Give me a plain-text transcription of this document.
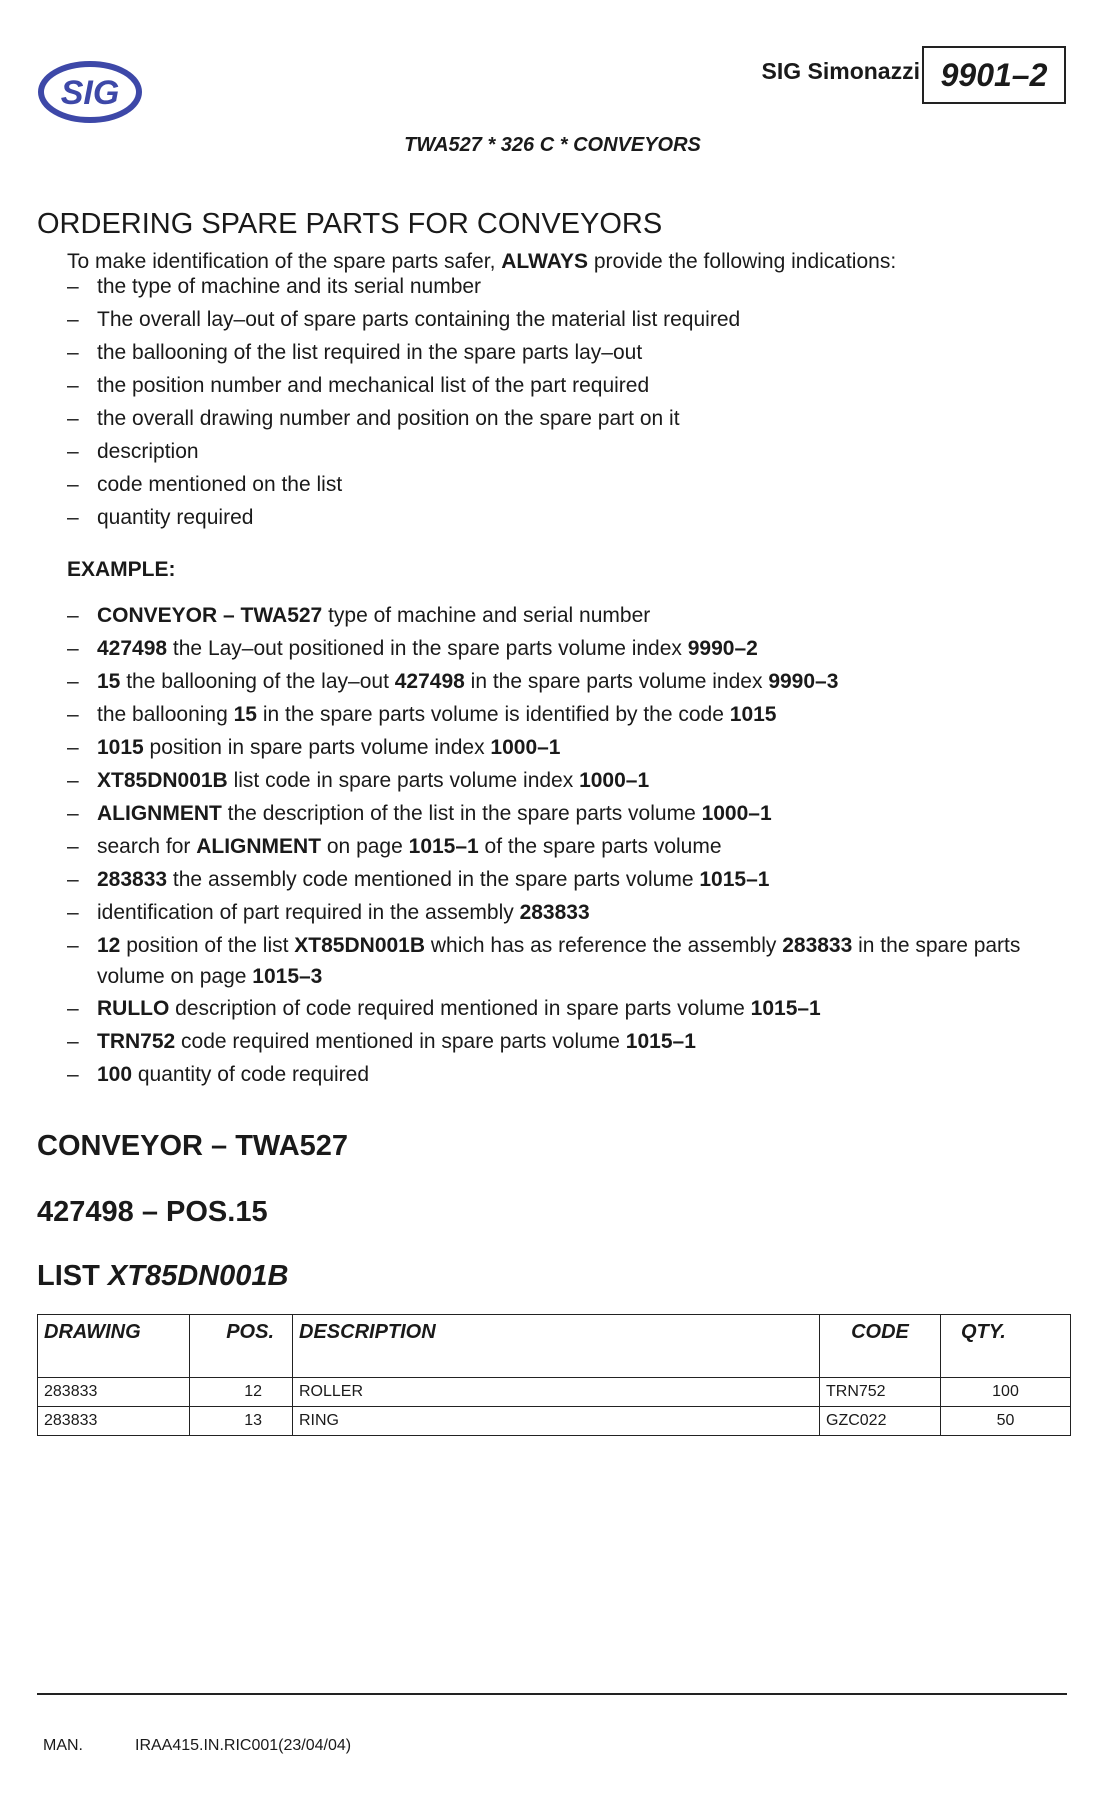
SIG
SIG Simonazzi 9901–2
TWA527 * 326 C * CONVEYORS
ORDERING SPARE PARTS FOR CONVEYORS
To make identification of the spare parts safer, ALWAYS provide the following indications:
– the type of machine and its serial number
– The overall lay–out of spare parts containing the material list required
– the ballooning of the list required in the spare parts lay–out
– the position number and mechanical list of the part required
– the overall drawing number and position on the spare part on it
– description
– code mentioned on the list
– quantity required
EXAMPLE:
– CONVEYOR – TWA527 type of machine and serial number
– 427498 the Lay–out positioned in the spare parts volume index 9990–2
– 15 the ballooning of the lay–out 427498 in the spare parts volume index 9990–3
– the ballooning 15 in the spare parts volume is identified by the code 1015
– 1015 position in spare parts volume index 1000–1
– XT85DN001B list code in spare parts volume index 1000–1
– ALIGNMENT the description of the list in the spare parts volume 1000–1
– search for ALIGNMENT on page 1015–1 of the spare parts volume
– 283833 the assembly code mentioned in the spare parts volume 1015–1
– identification of part required in the assembly 283833
– 12 position of the list XT85DN001B which has as reference the assembly 283833 in the spare parts
volume on page 1015–3
– RULLO description of code required mentioned in spare parts volume 1015–1
– TRN752 code required mentioned in spare parts volume 1015–1
– 100 quantity of code required
CONVEYOR – TWA527
427498 – POS.15
LIST XT85DN001B
DRAWING	POS.	DESCRIPTION	CODE	QTY.
283833	12	ROLLER	TRN752	100
283833	13	RING	GZC022	50
MAN.	IRAA415.IN.RIC001(23/04/04)
